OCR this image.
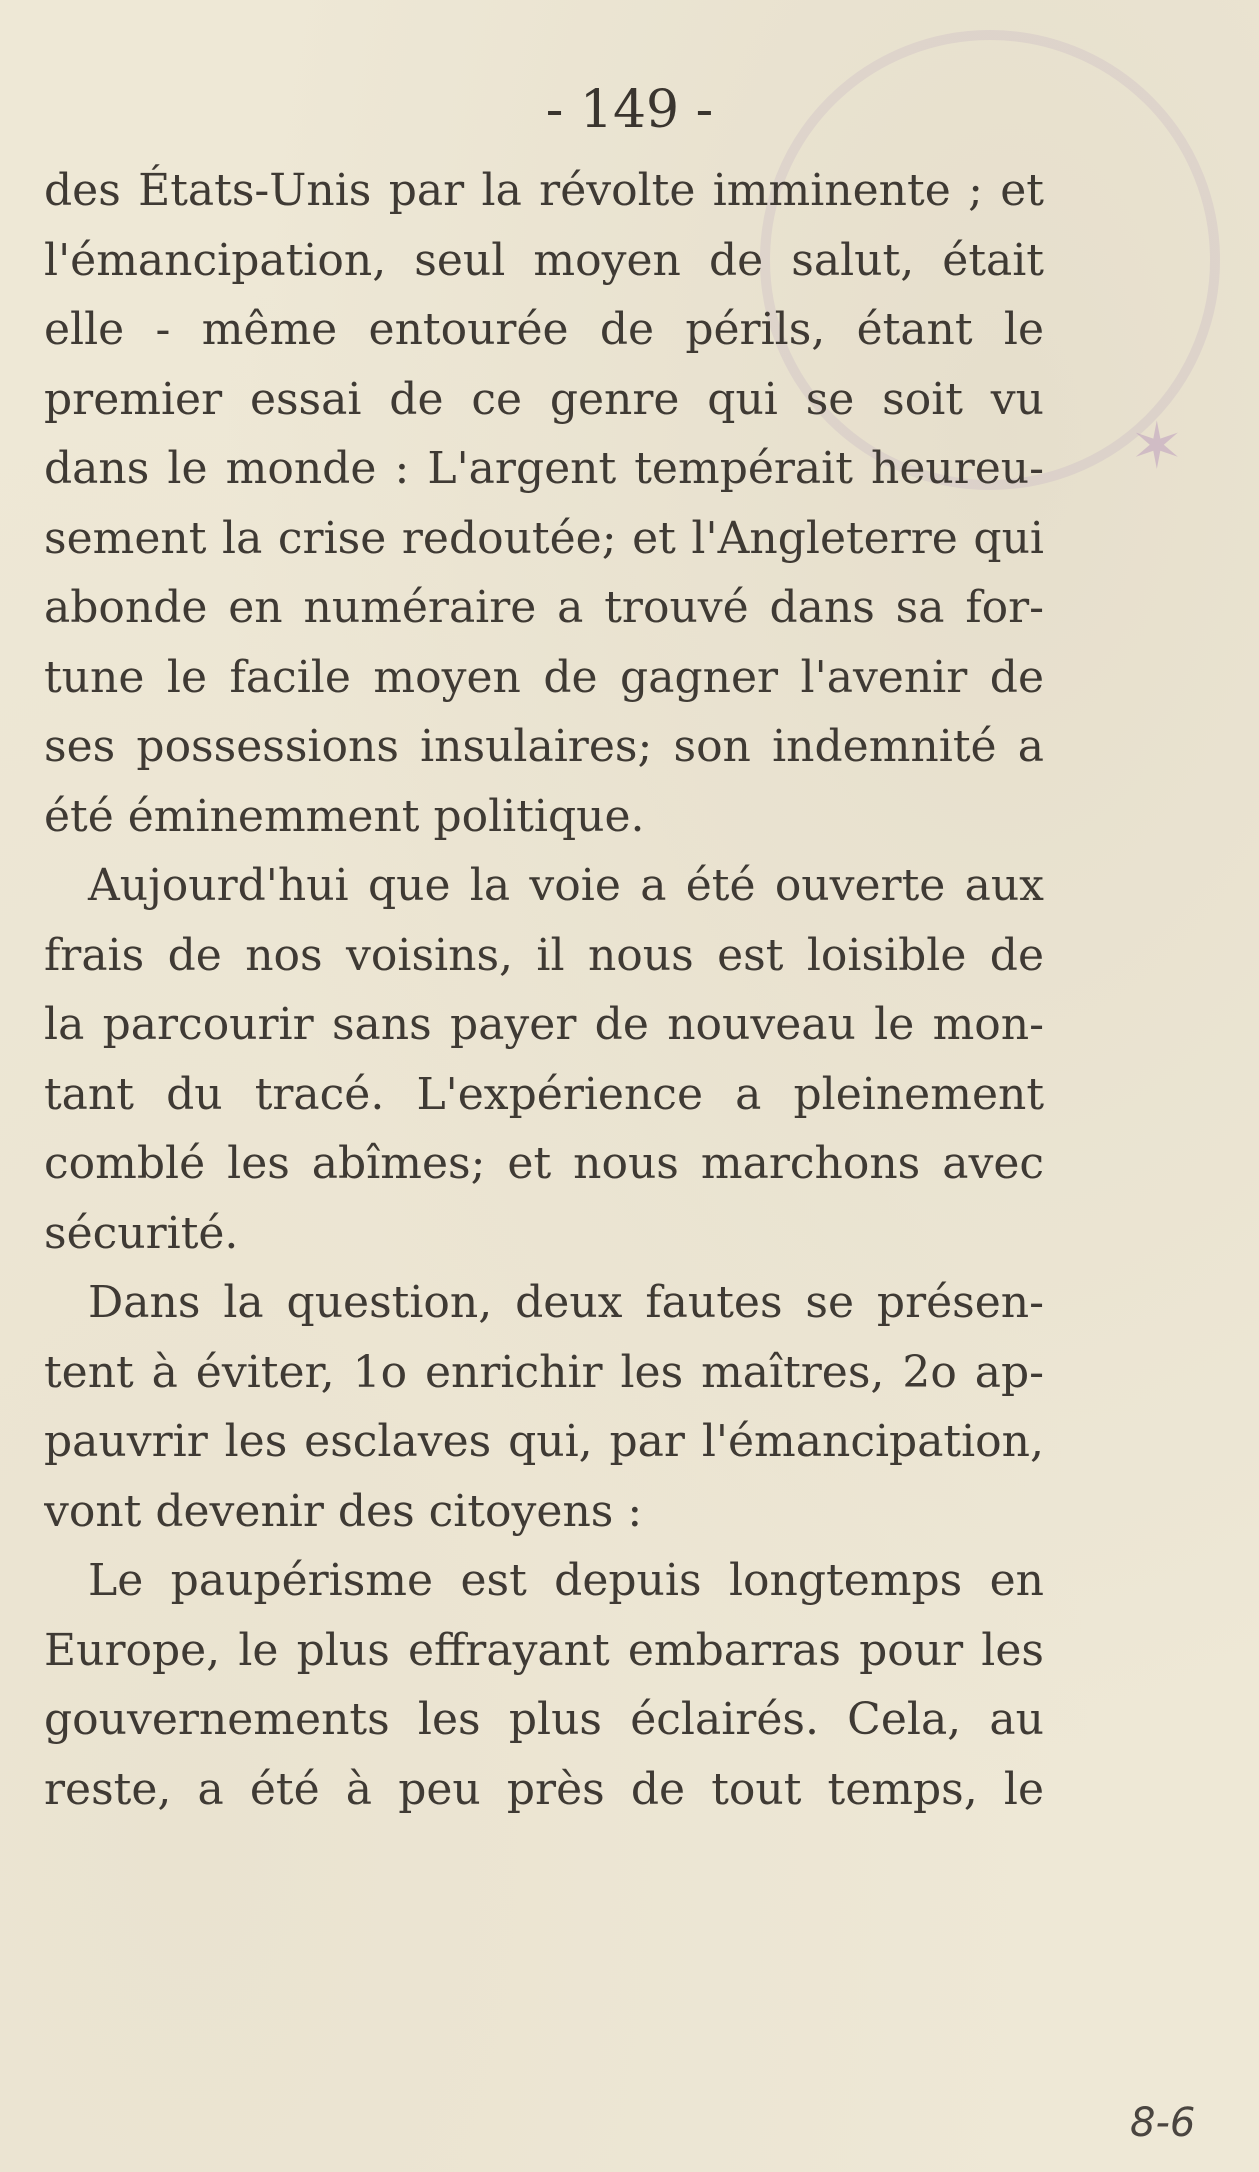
✶
- 149 -
des États-Unis par la révolte imminente ; et
l'émancipation, seul moyen de salut, était
elle - même entourée de périls, étant le
premier essai de ce genre qui se soit vu
dans le monde : L'argent tempérait heureu-
sement la crise redoutée; et l'Angleterre qui
abonde en numéraire a trouvé dans sa for-
tune le facile moyen de gagner l'avenir de
ses possessions insulaires; son indemnité a
été éminemment politique.
Aujourd'hui que la voie a été ouverte aux
frais de nos voisins, il nous est loisible de
la parcourir sans payer de nouveau le mon-
tant du tracé. L'expérience a pleinement
comblé les abîmes; et nous marchons avec
sécurité.
Dans la question, deux fautes se présen-
tent à éviter, 1o enrichir les maîtres, 2o ap-
pauvrir les esclaves qui, par l'émancipation,
vont devenir des citoyens :
Le paupérisme est depuis longtemps en
Europe, le plus effrayant embarras pour les
gouvernements les plus éclairés. Cela, au
reste, a été à peu près de tout temps, le
8-6
